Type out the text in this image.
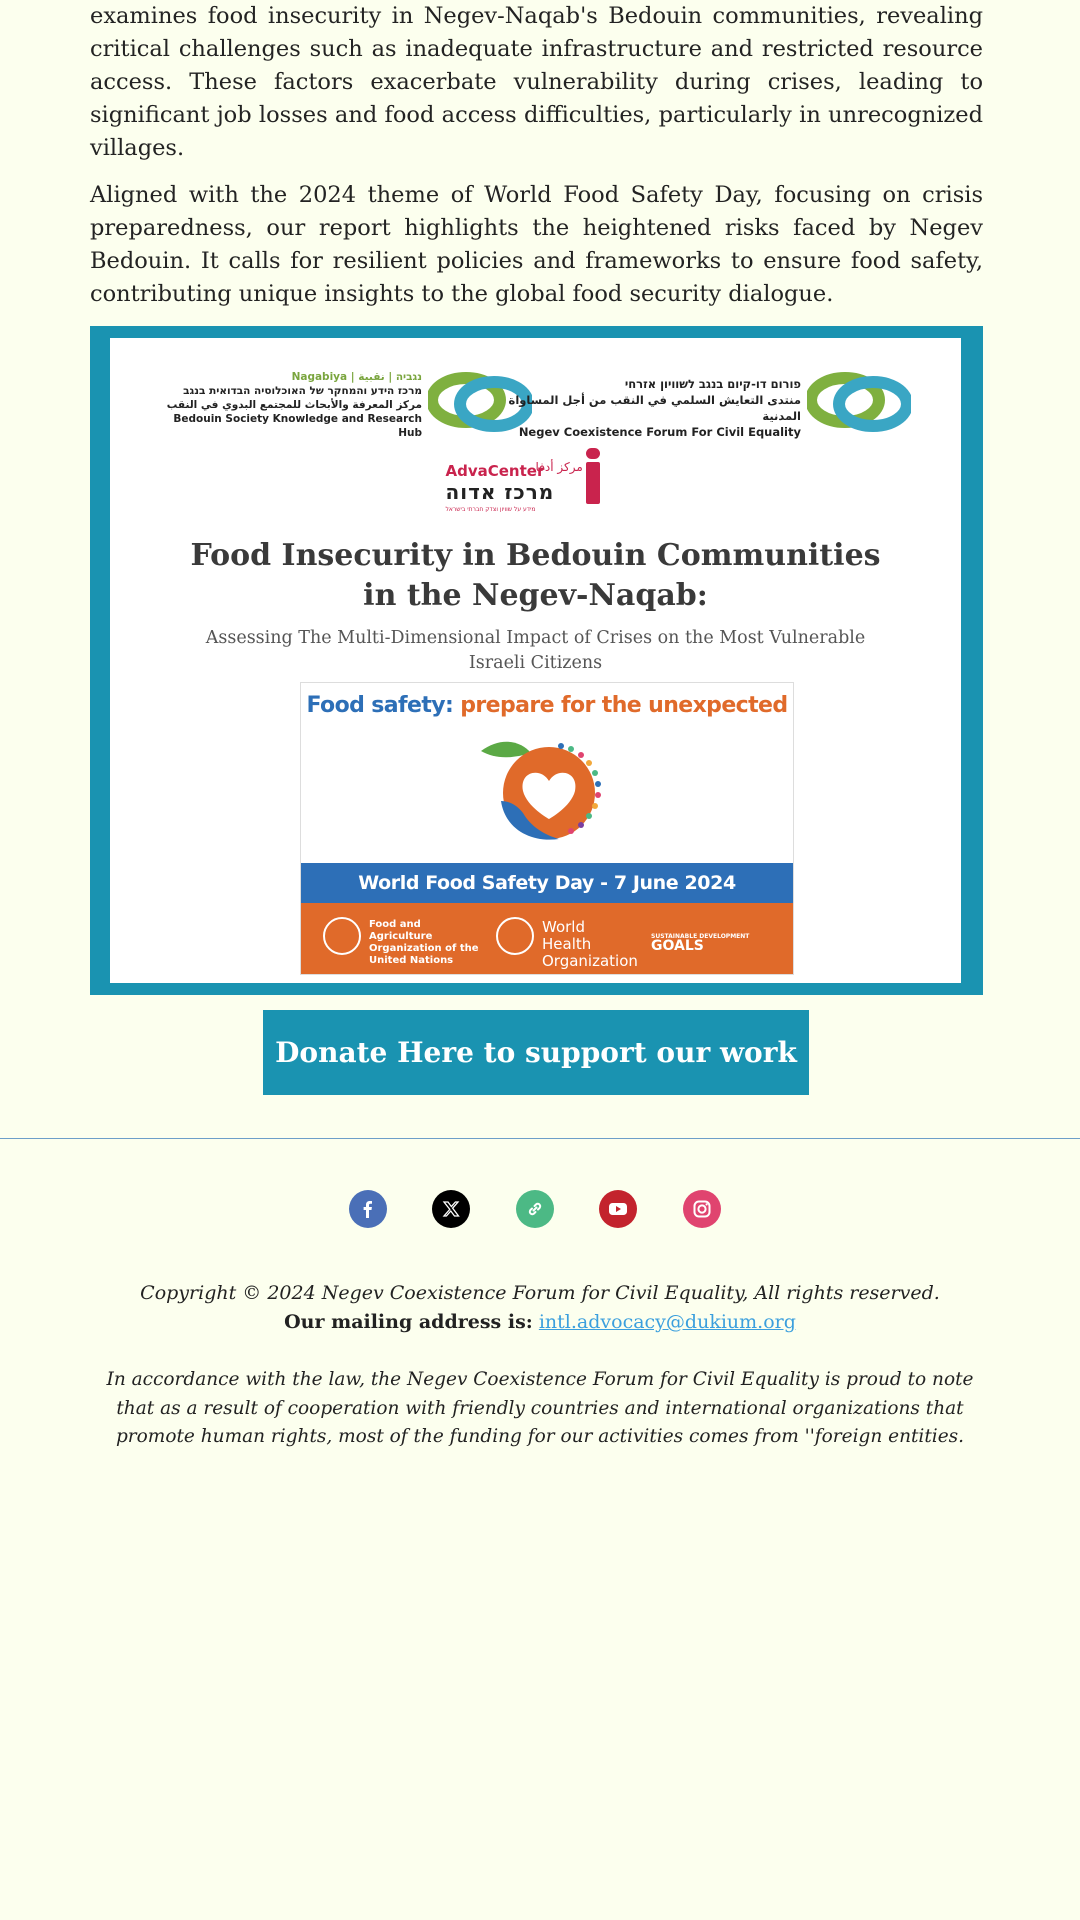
examines food insecurity in Negev-Naqab's Bedouin communities, revealing critical challenges such as inadequate infrastructure and restricted resource access. These factors exacerbate vulnerability during crises, leading to significant job losses and food access difficulties, particularly in unrecognized villages.

Aligned with the 2024 theme of World Food Safety Day, focusing on crisis preparedness, our report highlights the heightened risks faced by Negev Bedouin. It calls for resilient policies and frameworks to ensure food safety, contributing unique insights to the global food security dialogue.

Nagabiya | נגביה | نقبية
מרכז הידע והמחקר של האוכלוסיה הבדואית בנגב
مركز المعرفة والأبحاث للمجتمع البدوي في النقب
Bedouin Society Knowledge and Research Hub
פורום דו-קיום בנגב לשוויון אזרחי
منتدى التعايش السلمي في النقب من أجل المساواة المدنية
Negev Coexistence Forum For Civil Equality
AdvaCenter
مركز أدفا
מרכז אדוה
מידע על שוויון וצדק חברתי בישראל
Food Insecurity in Bedouin Communities
in the Negev-Naqab:
Assessing The Multi-Dimensional Impact of Crises on the Most Vulnerable Israeli Citizens
Food safety: prepare for the unexpected
World Food Safety Day - 7 June 2024
Food and Agriculture Organization of the United Nations
World Health Organization
SUSTAINABLE DEVELOPMENT
GOALS
Donate Here to support our work
Copyright © 2024 Negev Coexistence Forum for Civil Equality, All rights reserved.
Our mailing address is: intl.advocacy@dukium.org
In accordance with the law, the Negev Coexistence Forum for Civil Equality is proud to note that as a result of cooperation with friendly countries and international organizations that promote human rights, most of the funding for our activities comes from ''foreign entities.
